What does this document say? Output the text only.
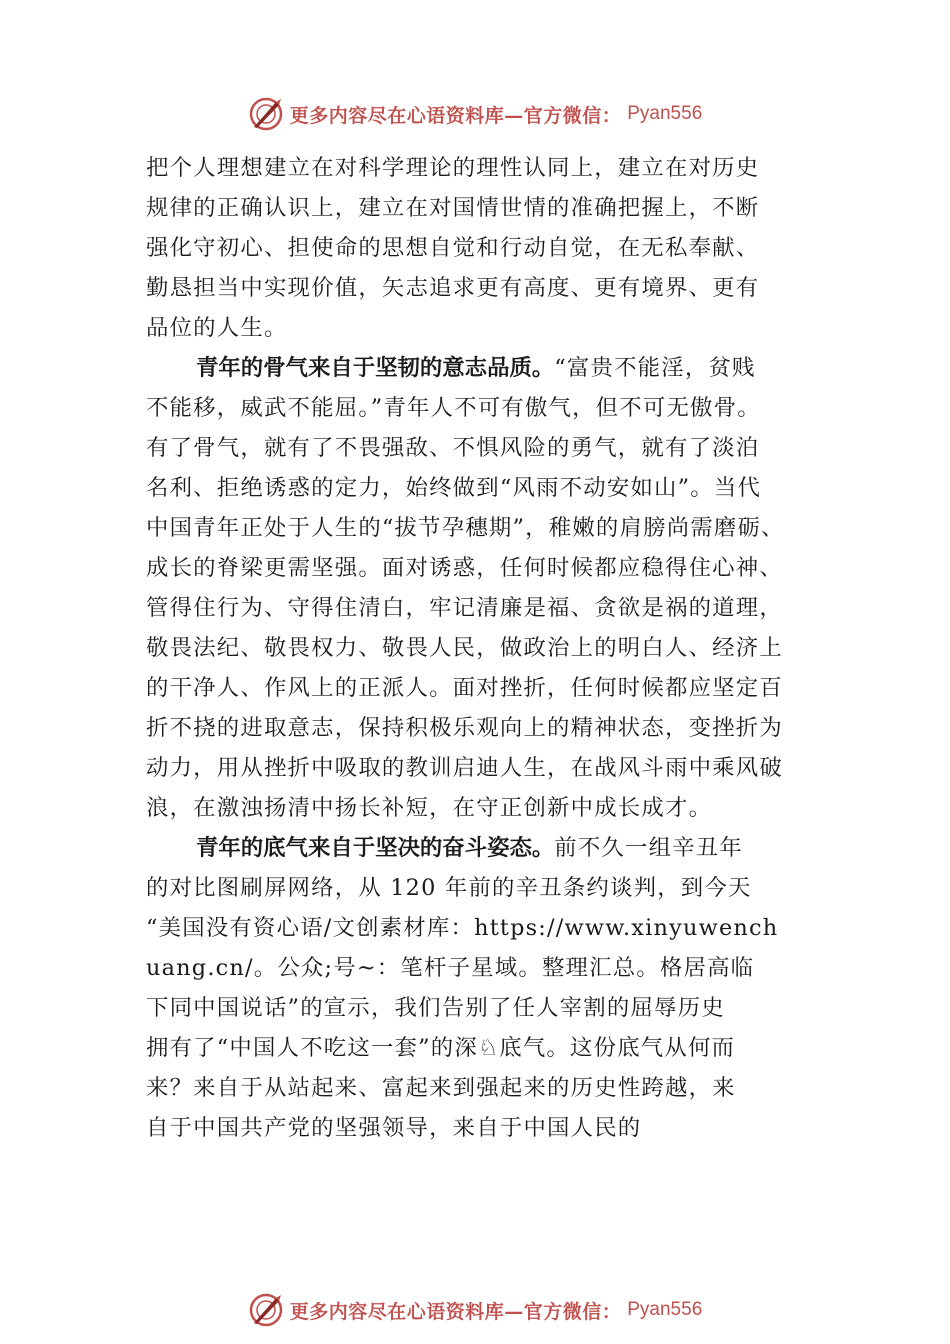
更多内容尽在心语资料库—官方微信： Pyan556
把个人理想建立在对科学理论的理性认同上，建立在对历史
规律的正确认识上，建立在对国情世情的准确把握上，不断
强化守初心、担使命的思想自觉和行动自觉，在无私奉献、
勤恳担当中实现价值，矢志追求更有高度、更有境界、更有
品位的人生。
青年的骨气来自于坚韧的意志品质。“富贵不能淫，贫贱
不能移，威武不能屈。”青年人不可有傲气，但不可无傲骨。
有了骨气，就有了不畏强敌、不惧风险的勇气，就有了淡泊
名利、拒绝诱惑的定力，始终做到“风雨不动安如山”。当代
中国青年正处于人生的“拔节孕穗期”，稚嫩的肩膀尚需磨砺、
成长的脊梁更需坚强。面对诱惑，任何时候都应稳得住心神、
管得住行为、守得住清白，牢记清廉是福、贪欲是祸的道理，
敬畏法纪、敬畏权力、敬畏人民，做政治上的明白人、经济上
的干净人、作风上的正派人。面对挫折，任何时候都应坚定百
折不挠的进取意志，保持积极乐观向上的精神状态，变挫折为
动力，用从挫折中吸取的教训启迪人生，在战风斗雨中乘风破
浪，在激浊扬清中扬长补短，在守正创新中成长成才。
青年的底气来自于坚决的奋斗姿态。前不久一组辛丑年
的对比图刷屏网络，从 120 年前的辛丑条约谈判，到今天
“美国没有资心语/文创素材库：https://www.xinyuwench
uang.cn/。公众;号~：笔杆子星域。整理汇总。格居高临
下同中国说话”的宣示，我们告别了任人宰割的屈辱历史
拥有了“中国人不吃这一套”的深♘底气。这份底气从何而
来？来自于从站起来、富起来到强起来的历史性跨越，来
自于中国共产党的坚强领导，来自于中国人民的
更多内容尽在心语资料库—官方微信： Pyan556
